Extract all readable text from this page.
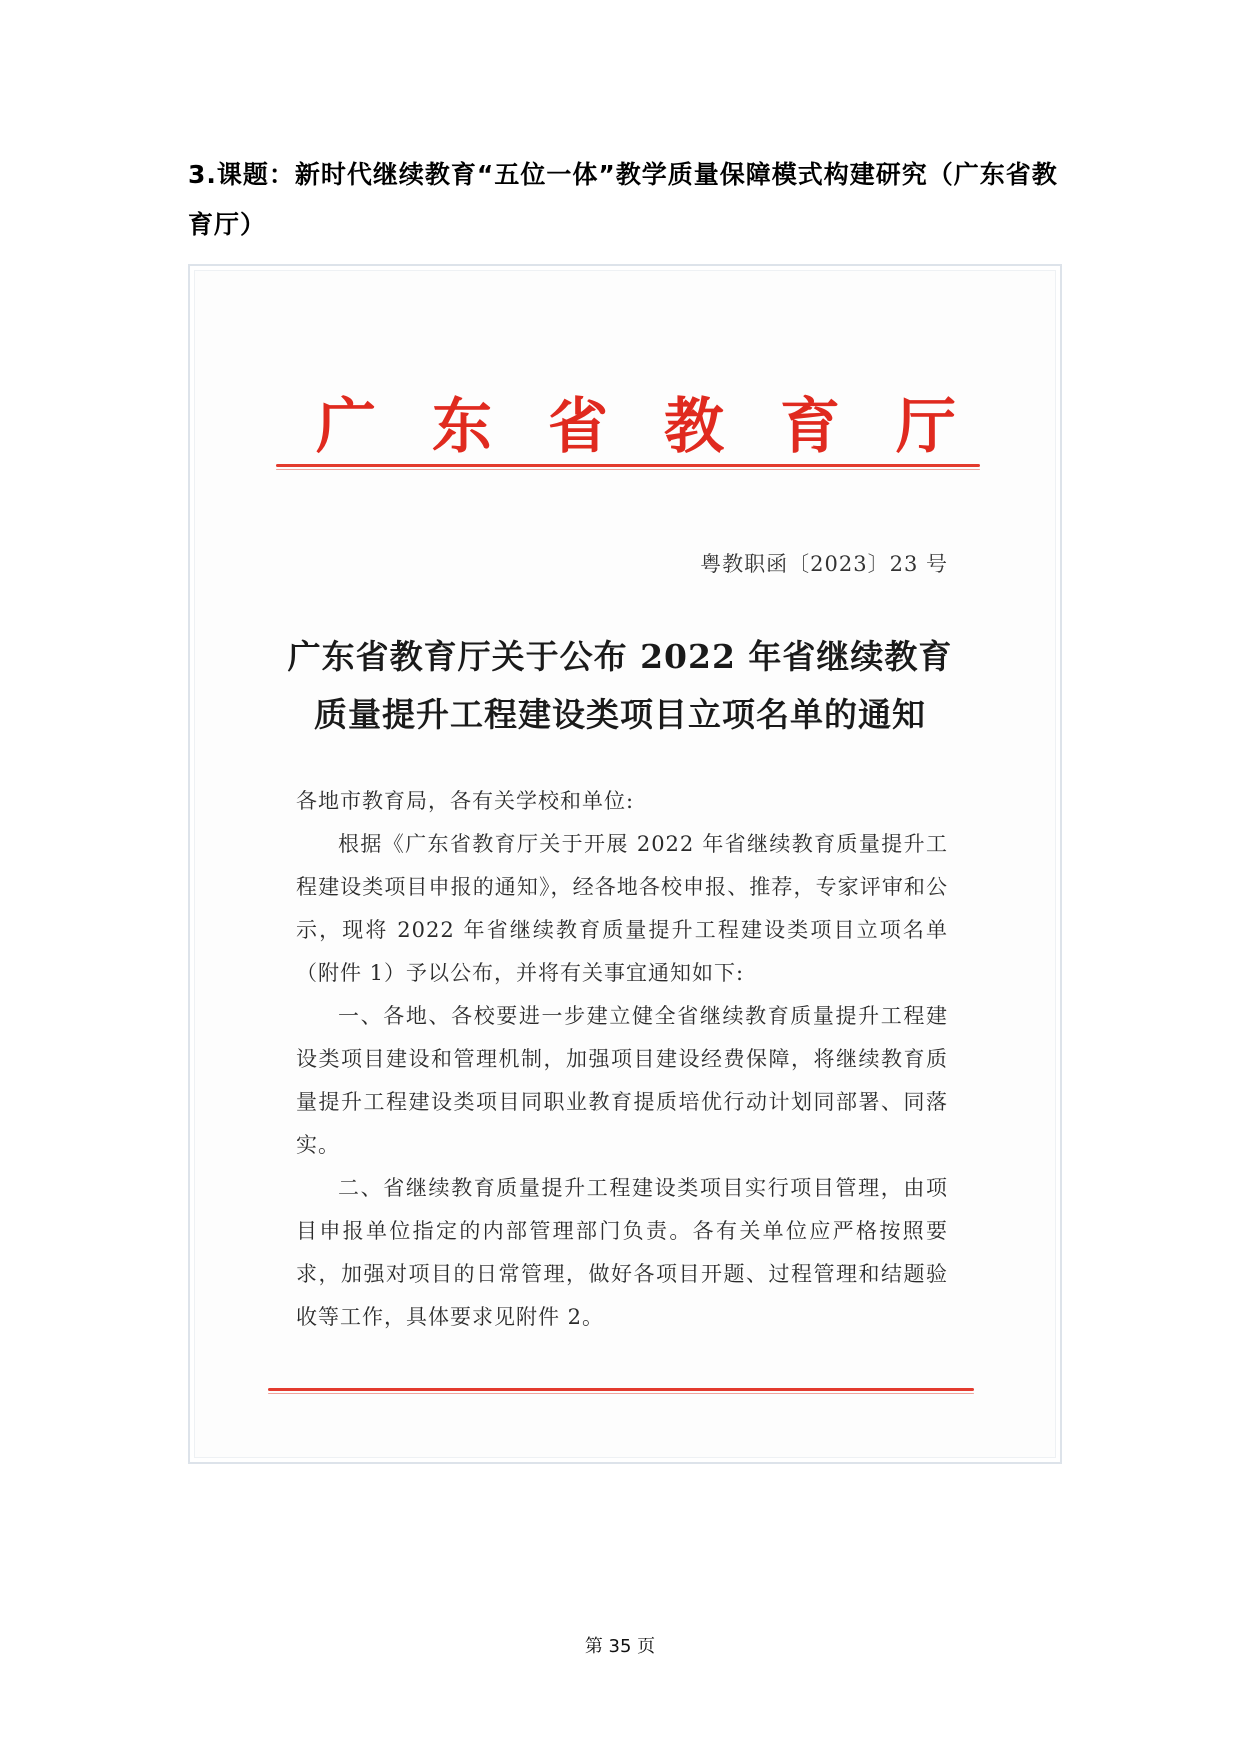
3.课题：新时代继续教育“五位一体”教学质量保障模式构建研究（广东省教育厅）
广 东 省 教 育 厅
粤教职函〔2023〕23 号
广东省教育厅关于公布 2022 年省继续教育
质量提升工程建设类项目立项名单的通知

各地市教育局，各有关学校和单位:

根据《广东省教育厅关于开展 2022 年省继续教育质量提升工程建设类项目申报的通知》，经各地各校申报、推荐，专家评审和公示，现将 2022 年省继续教育质量提升工程建设类项目立项名单（附件 1）予以公布，并将有关事宜通知如下:

一、各地、各校要进一步建立健全省继续教育质量提升工程建设类项目建设和管理机制，加强项目建设经费保障，将继续教育质量提升工程建设类项目同职业教育提质培优行动计划同部署、同落实。

二、省继续教育质量提升工程建设类项目实行项目管理，由项目申报单位指定的内部管理部门负责。各有关单位应严格按照要求，加强对项目的日常管理，做好各项目开题、过程管理和结题验收等工作，具体要求见附件 2。

第 35 页
